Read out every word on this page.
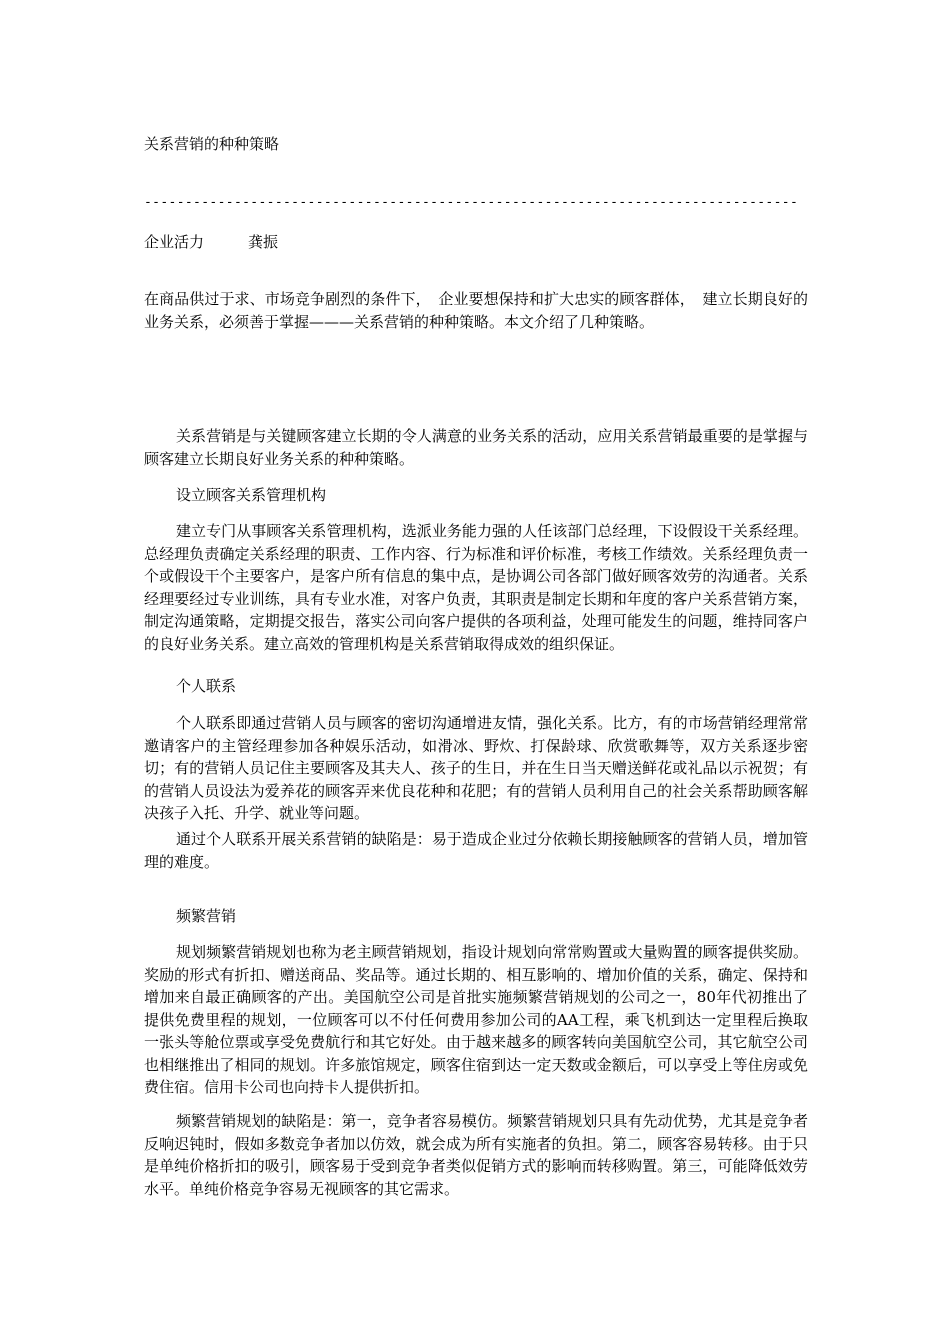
关系营销的种种策略
--------------------------------------------------------------------------------
企业活力	龚振

在商品供过于求、市场竞争剧烈的条件下，　企业要想保持和扩大忠实的顾客群体，　建立长期良好的业务关系，必须善于掌握———关系营销的种种策略。本文介绍了几种策略。

关系营销是与关键顾客建立长期的令人满意的业务关系的活动，应用关系营销最重要的是掌握与顾客建立长期良好业务关系的种种策略。

设立顾客关系管理机构

建立专门从事顾客关系管理机构，选派业务能力强的人任该部门总经理，下设假设干关系经理。总经理负责确定关系经理的职责、工作内容、行为标准和评价标准，考核工作绩效。关系经理负责一个或假设干个主要客户，是客户所有信息的集中点，是协调公司各部门做好顾客效劳的沟通者。关系经理要经过专业训练，具有专业水准，对客户负责，其职责是制定长期和年度的客户关系营销方案，制定沟通策略，定期提交报告，落实公司向客户提供的各项利益，处理可能发生的问题，维持同客户的良好业务关系。建立高效的管理机构是关系营销取得成效的组织保证。

个人联系

个人联系即通过营销人员与顾客的密切沟通增进友情，强化关系。比方，有的市场营销经理常常邀请客户的主管经理参加各种娱乐活动，如滑冰、野炊、打保龄球、欣赏歌舞等，双方关系逐步密切；有的营销人员记住主要顾客及其夫人、孩子的生日，并在生日当天赠送鲜花或礼品以示祝贺；有的营销人员设法为爱养花的顾客弄来优良花种和花肥；有的营销人员利用自己的社会关系帮助顾客解决孩子入托、升学、就业等问题。

通过个人联系开展关系营销的缺陷是：易于造成企业过分依赖长期接触顾客的营销人员，增加管理的难度。

频繁营销

规划频繁营销规划也称为老主顾营销规划，指设计规划向常常购置或大量购置的顾客提供奖励。奖励的形式有折扣、赠送商品、奖品等。通过长期的、相互影响的、增加价值的关系，确定、保持和增加来自最正确顾客的产出。美国航空公司是首批实施频繁营销规划的公司之一，80年代初推出了提供免费里程的规划，一位顾客可以不付任何费用参加公司的AA工程，乘飞机到达一定里程后换取一张头等舱位票或享受免费航行和其它好处。由于越来越多的顾客转向美国航空公司，其它航空公司也相继推出了相同的规划。许多旅馆规定，顾客住宿到达一定天数或金额后，可以享受上等住房或免费住宿。信用卡公司也向持卡人提供折扣。

频繁营销规划的缺陷是：第一，竞争者容易模仿。频繁营销规划只具有先动优势，尤其是竞争者反响迟钝时，假如多数竞争者加以仿效，就会成为所有实施者的负担。第二，顾客容易转移。由于只是单纯价格折扣的吸引，顾客易于受到竞争者类似促销方式的影响而转移购置。第三，可能降低效劳水平。单纯价格竞争容易无视顾客的其它需求。
